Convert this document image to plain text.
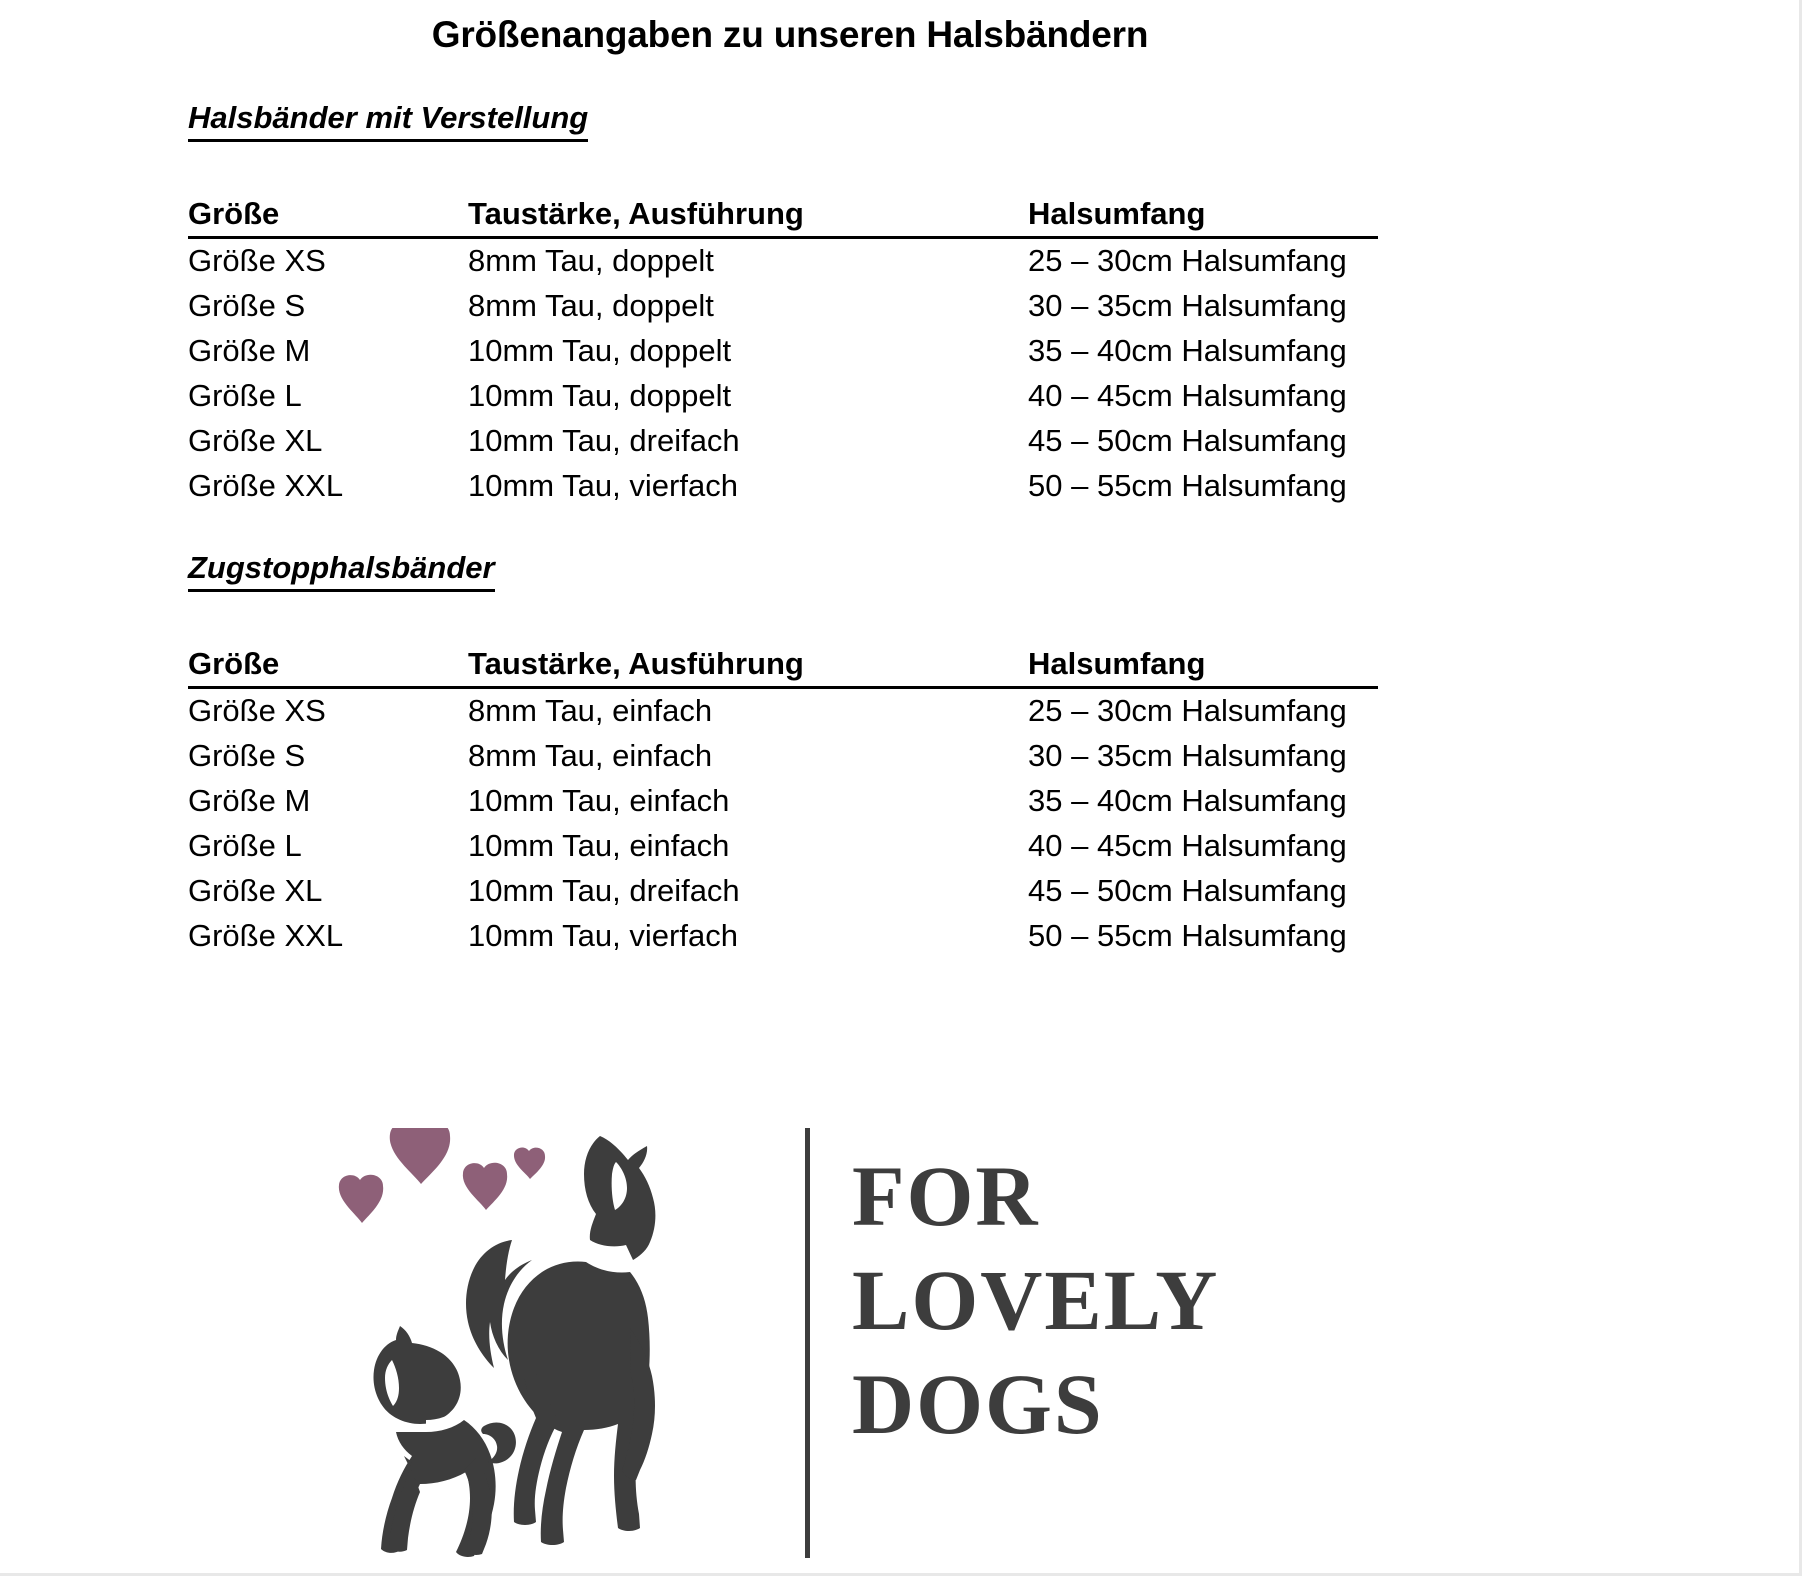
Größenangaben zu unseren Halsbändern
Halsbänder mit Verstellung
Größe	Taustärke, Ausführung	Halsumfang
Größe XS	8mm Tau, doppelt	25 – 30cm Halsumfang
Größe S	8mm Tau, doppelt	30 – 35cm Halsumfang
Größe M	10mm Tau, doppelt	35 – 40cm Halsumfang
Größe L	10mm Tau, doppelt	40 – 45cm Halsumfang
Größe XL	10mm Tau, dreifach	45 – 50cm Halsumfang
Größe XXL	10mm Tau, vierfach	50 – 55cm Halsumfang
Zugstopphalsbänder
Größe	Taustärke, Ausführung	Halsumfang
Größe XS	8mm Tau, einfach	25 – 30cm Halsumfang
Größe S	8mm Tau, einfach	30 – 35cm Halsumfang
Größe M	10mm Tau, einfach	35 – 40cm Halsumfang
Größe L	10mm Tau, einfach	40 – 45cm Halsumfang
Größe XL	10mm Tau, dreifach	45 – 50cm Halsumfang
Größe XXL	10mm Tau, vierfach	50 – 55cm Halsumfang
FOR
LOVELY
DOGS
